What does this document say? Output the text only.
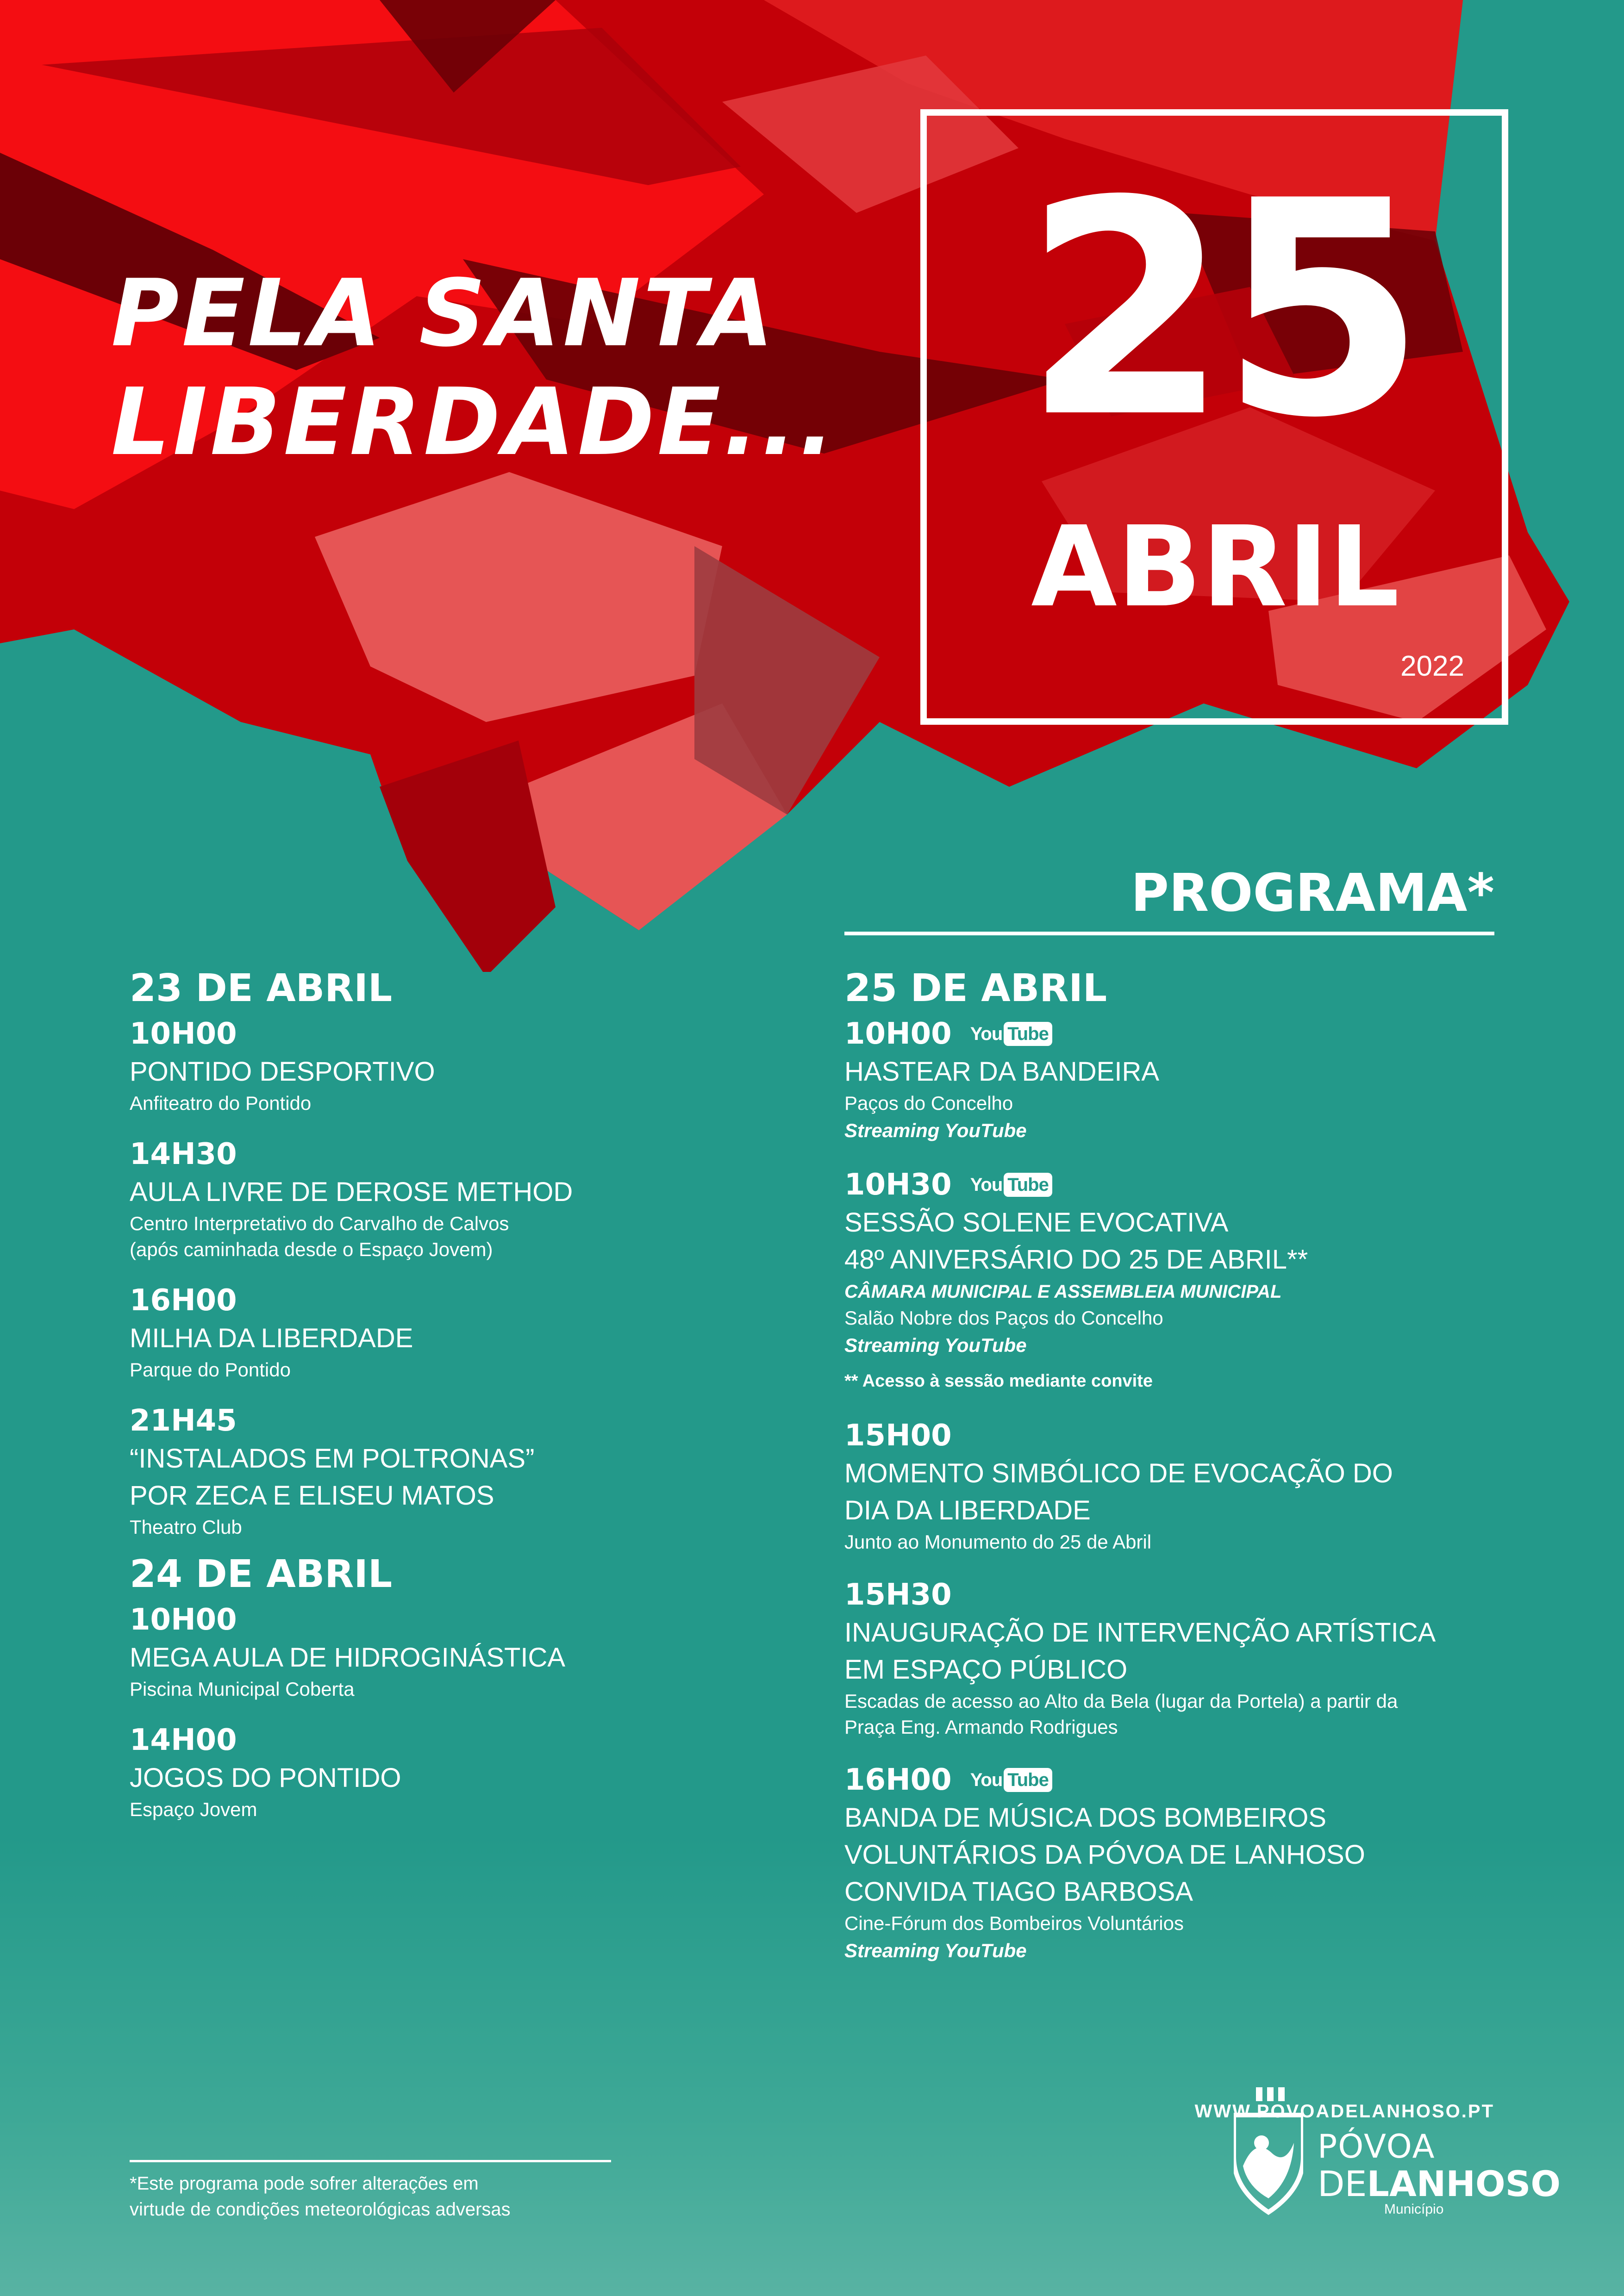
PELA SANTA
LIBERDADE... 25
ABRIL
2022
PROGRAMA*
23 DE ABRIL
10H00
PONTIDO DESPORTIVO
Anfiteatro do Pontido
14H30
AULA LIVRE DE DEROSE METHOD
Centro Interpretativo do Carvalho de Calvos
(após caminhada desde o Espaço Jovem)
16H00
MILHA DA LIBERDADE
Parque do Pontido
21H45
“INSTALADOS EM POLTRONAS”
POR ZECA E ELISEU MATOS
Theatro Club
24 DE ABRIL
10H00
MEGA AULA DE HIDROGINÁSTICA
Piscina Municipal Coberta
14H00
JOGOS DO PONTIDO
Espaço Jovem
25 DE ABRIL
10H00 You Tube
HASTEAR DA BANDEIRA
Paços do Concelho
Streaming YouTube
10H30 You Tube
SESSÃO SOLENE EVOCATIVA
48º ANIVERSÁRIO DO 25 DE ABRIL**
CÂMARA MUNICIPAL E ASSEMBLEIA MUNICIPAL
Salão Nobre dos Paços do Concelho
Streaming YouTube
** Acesso à sessão mediante convite
15H00
MOMENTO SIMBÓLICO DE EVOCAÇÃO DO
DIA DA LIBERDADE
Junto ao Monumento do 25 de Abril
15H30
INAUGURAÇÃO DE INTERVENÇÃO ARTÍSTICA
EM ESPAÇO PÚBLICO
Escadas de acesso ao Alto da Bela (lugar da Portela) a partir da
Praça Eng. Armando Rodrigues
16H00 You Tube
BANDA DE MÚSICA DOS BOMBEIROS
VOLUNTÁRIOS DA PÓVOA DE LANHOSO
CONVIDA TIAGO BARBOSA
Cine-Fórum dos Bombeiros Voluntários
Streaming YouTube
*Este programa pode sofrer alterações em
virtude de condições meteorológicas adversas
WWW.POVOADELANHOSO.PT
PÓVOA
DELANHOSO
Município
